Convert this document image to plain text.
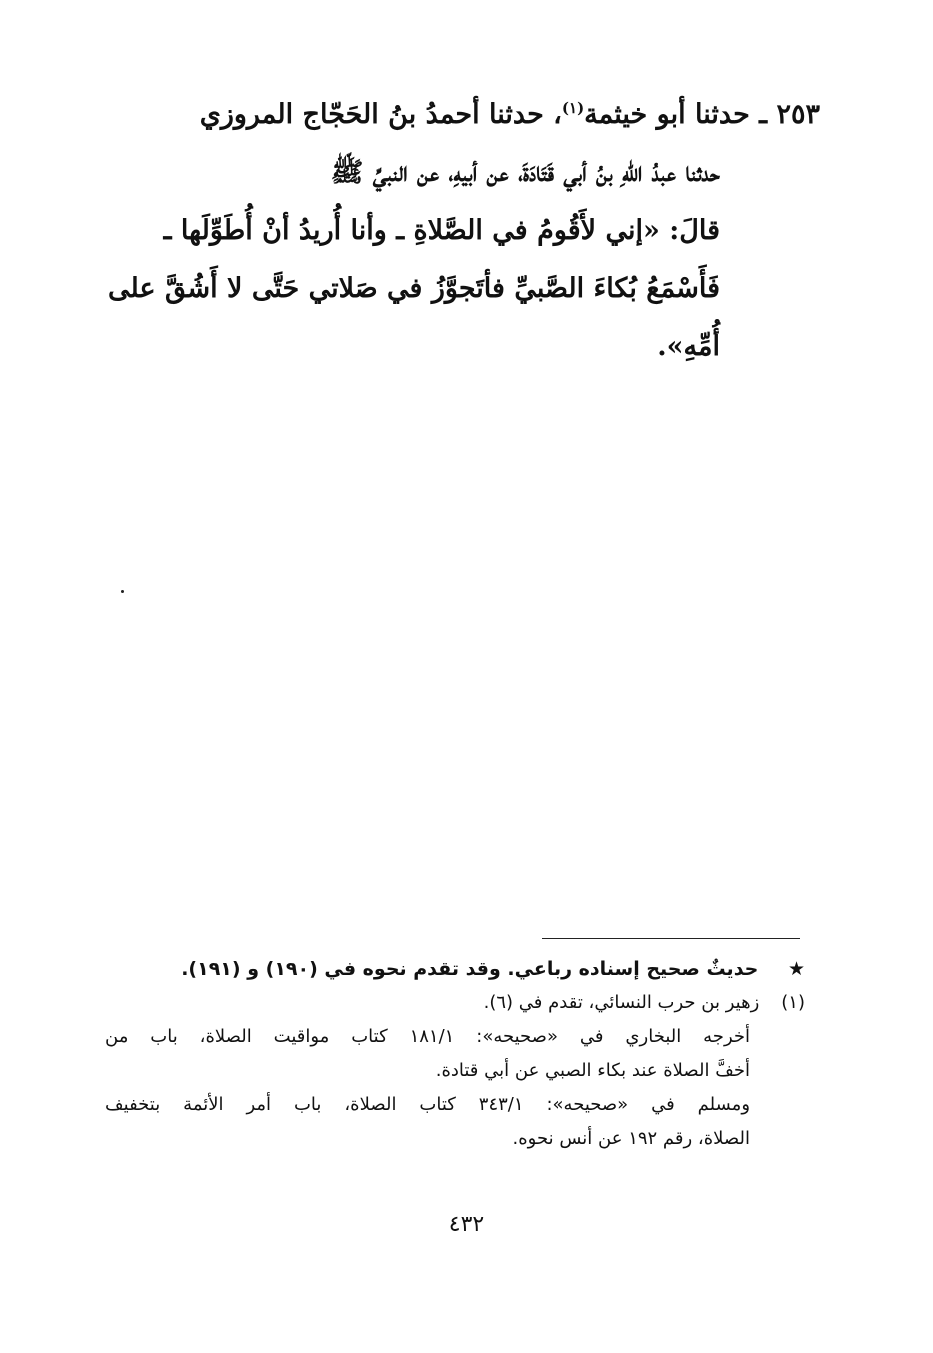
٢٥٣ ـ حدثنا أبو خيثمة$^{(١)}$، حدثنا أحمدُ بنُ الحَجّاج المروزي
حدثنا عبدُ اللهِ بنُ أبي قَتَادَةَ، عن أبيهِ، عن النبيِّ ﷺ
قالَ: «إني لأَقُومُ في الصَّلاةِ ـ وأنا أُريدُ أنْ أُطَوِّلَها ـ
فَأَسْمَعُ بُكاءَ الصَّبيِّ فأتَجوَّزُ في صَلاتي حَتَّى لا أَشُقَّ على
أُمِّهِ».
★ حديثٌ صحيح إسناده رباعي. وقد تقدم نحوه في (١٩٠) و (١٩١).
(١) زهير بن حرب النسائي، تقدم في (٦).
أخرجه البخاري في «صحيحه»: ١٨١/١ كتاب مواقيت الصلاة، باب من
أخفَّ الصلاة عند بكاء الصبي عن أبي قتادة.
ومسلم في «صحيحه»: ٣٤٣/١ كتاب الصلاة، باب أمر الأئمة بتخفيف
الصلاة، رقم ١٩٢ عن أنس نحوه.
٤٣٢
